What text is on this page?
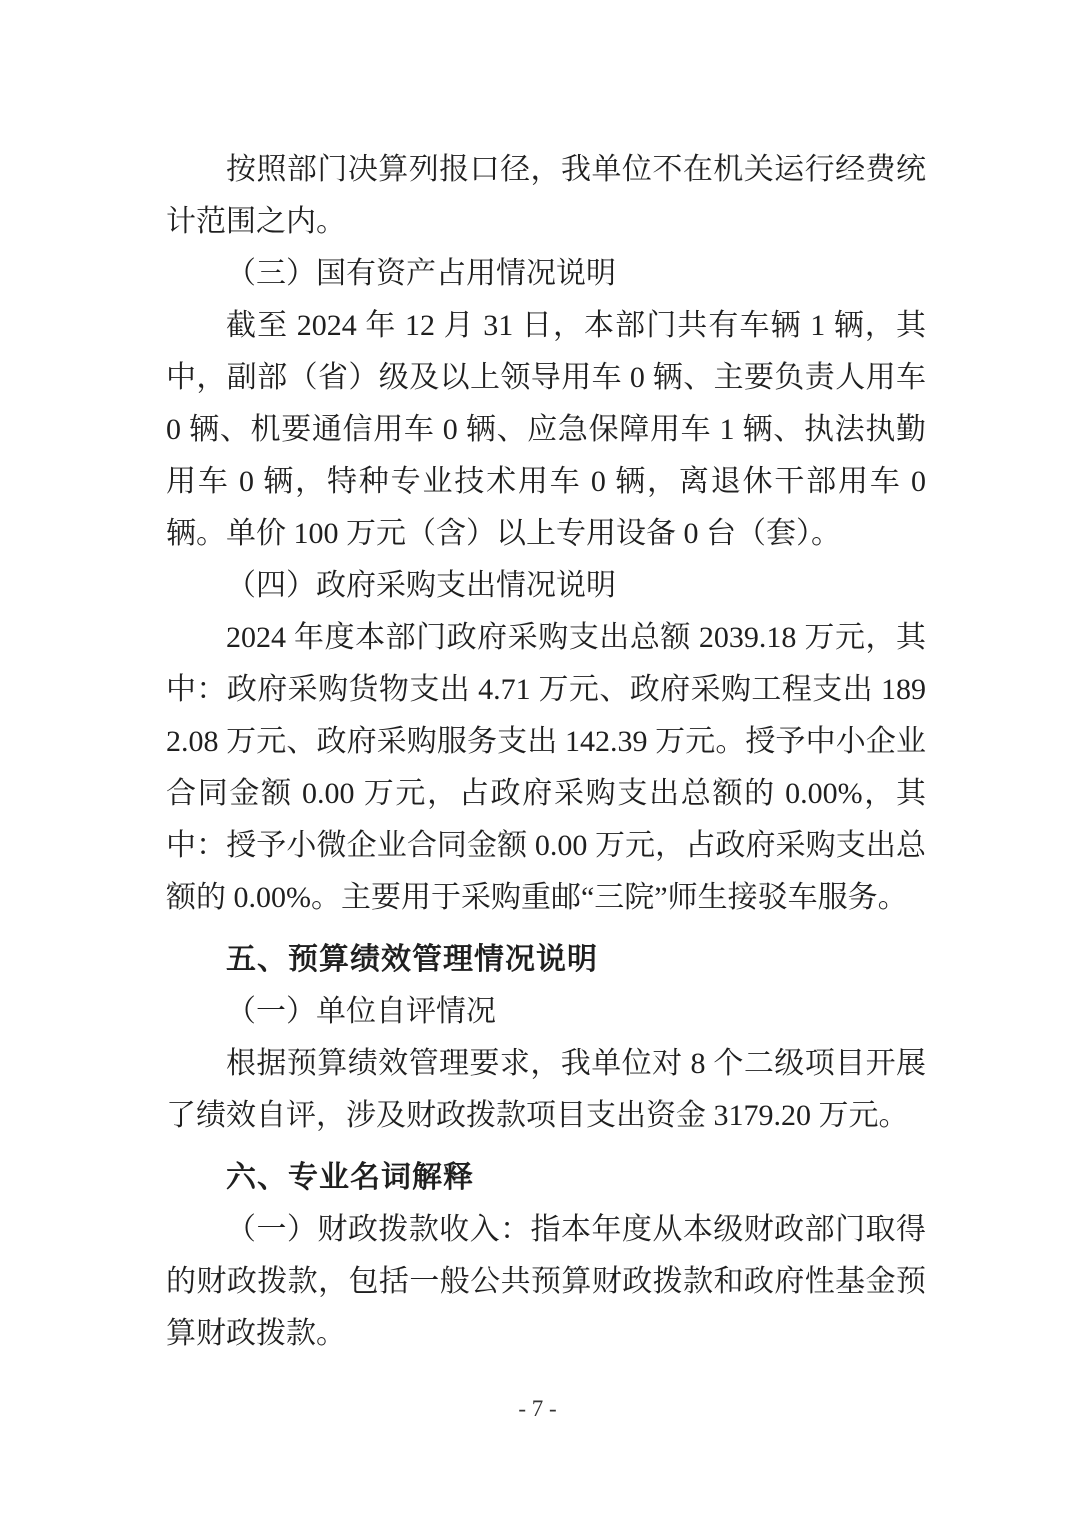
按照部门决算列报口径，我单位不在机关运行经费统计范围之内。

（三）国有资产占用情况说明

截至 2024 年 12 月 31 日，本部门共有车辆 1 辆，其中，副部（省）级及以上领导用车 0 辆、主要负责人用车 0 辆、机要通信用车 0 辆、应急保障用车 1 辆、执法执勤用车 0 辆，特种专业技术用车 0 辆，离退休干部用车 0 辆。单价 100 万元（含）以上专用设备 0 台（套）。

（四）政府采购支出情况说明

2024 年度本部门政府采购支出总额 2039.18 万元，其中：政府采购货物支出 4.71 万元、政府采购工程支出 1892.08 万元、政府采购服务支出 142.39 万元。授予中小企业合同金额 0.00 万元，占政府采购支出总额的 0.00%，其中：授予小微企业合同金额 0.00 万元，占政府采购支出总额的 0.00%。主要用于采购重邮“三院”师生接驳车服务。

五、预算绩效管理情况说明

（一）单位自评情况

根据预算绩效管理要求，我单位对 8 个二级项目开展了绩效自评，涉及财政拨款项目支出资金 3179.20 万元。

六、专业名词解释

（一）财政拨款收入：指本年度从本级财政部门取得的财政拨款，包括一般公共预算财政拨款和政府性基金预算财政拨款。

- 7 -
